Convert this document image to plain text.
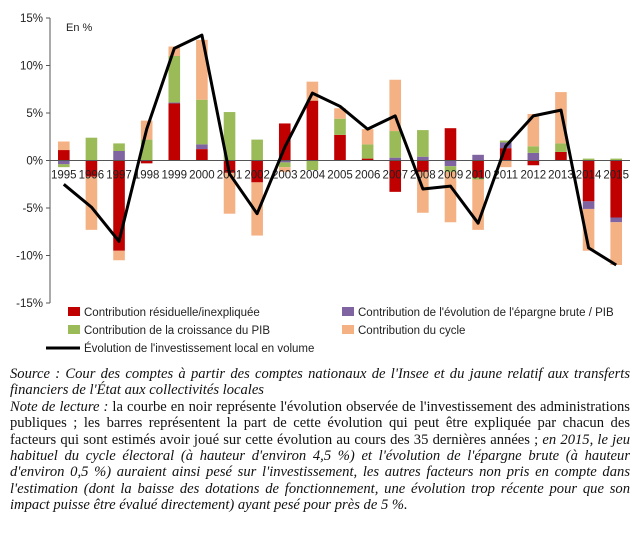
-15%
-10%
-5%
0%
5%
10%
15%
1995 1996 1997 1998 1999 2000 2001 2002 2003 2004 2005 2006 2007 2008 2009 2010 2011 2012 2013 2014 2015
En %
Contribution résiduelle/inexpliquée	Contribution de l'évolution de l'épargne brute / PIB
Contribution de la croissance du PIB	Contribution du cycle
Évolution de l'investissement local en volume

Source : Cour des comptes à partir des comptes nationaux de l'Insee et du jaune relatif aux transferts financiers de l'État aux collectivités locales

Note de lecture : la courbe en noir représente l'évolution observée de l'investissement des administrations publiques ; les barres représentent la part de cette évolution qui peut être expliquée par chacun des facteurs qui sont estimés avoir joué sur cette évolution au cours des 35 dernières années ; en 2015, le jeu habituel du cycle électoral (à hauteur d'environ 4,5 %) et l'évolution de l'épargne brute (à hauteur d'environ 0,5 %) auraient ainsi pesé sur l'investissement, les autres facteurs non pris en compte dans l'estimation (dont la baisse des dotations de fonctionnement, une évolution trop récente pour que son impact puisse être évalué directement) ayant pesé pour près de 5 %.
